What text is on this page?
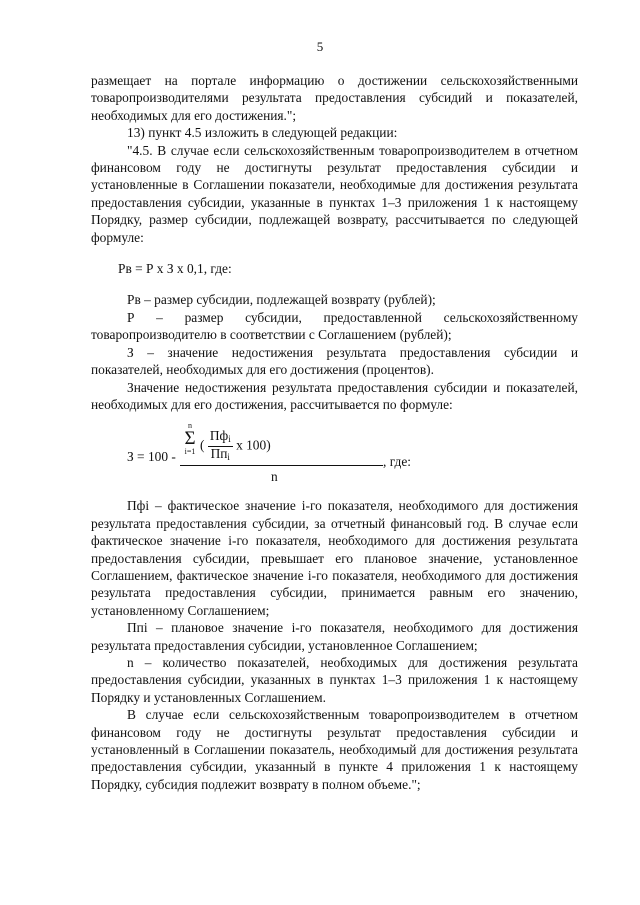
5

размещает на портале информацию о достижении сельскохозяйственными товаропроизводителями результата предоставления субсидий и показателей, необходимых для его достижения.";

13) пункт 4.5 изложить в следующей редакции:

"4.5. В случае если сельскохозяйственным товаропроизводителем в отчетном финансовом году не достигнуты результат предоставления субсидии и установленные в Соглашении показатели, необходимые для достижения результата предоставления субсидии, указанные в пунктах 1–3 приложения 1 к настоящему Порядку, размер субсидии, подлежащей возврату, рассчитывается по следующей формуле:

Рв = Р х З х 0,1, где:

Рв – размер субсидии, подлежащей возврату (рублей);

Р – размер субсидии, предоставленной сельскохозяйственному товаропроизводителю в соответствии с Соглашением (рублей);

З – значение недостижения результата предоставления субсидии и показателей, необходимых для его достижения (процентов).

Значение недостижения результата предоставления субсидии и показателей, необходимых для его достижения, рассчитывается по формуле:

З = 100 -
n
Σ
i=1 ( $\frac{\text{Пфi}}{\text{Ппi}}$ х 100)
n
, где:

Пфi – фактическое значение i-го показателя, необходимого для достижения результата предоставления субсидии, за отчетный финансовый год. В случае если фактическое значение i-го показателя, необходимого для достижения результата предоставления субсидии, превышает его плановое значение, установленное Соглашением, фактическое значение i-го показателя, необходимого для достижения результата предоставления субсидии, принимается равным его значению, установленному Соглашением;

Ппi – плановое значение i-го показателя, необходимого для достижения результата предоставления субсидии, установленное Соглашением;

n – количество показателей, необходимых для достижения результата предоставления субсидии, указанных в пунктах 1–3 приложения 1 к настоящему Порядку и установленных Соглашением.

В случае если сельскохозяйственным товаропроизводителем в отчетном финансовом году не достигнуты результат предоставления субсидии и установленный в Соглашении показатель, необходимый для достижения результата предоставления субсидии, указанный в пункте 4 приложения 1 к настоящему Порядку, субсидия подлежит возврату в полном объеме.";
